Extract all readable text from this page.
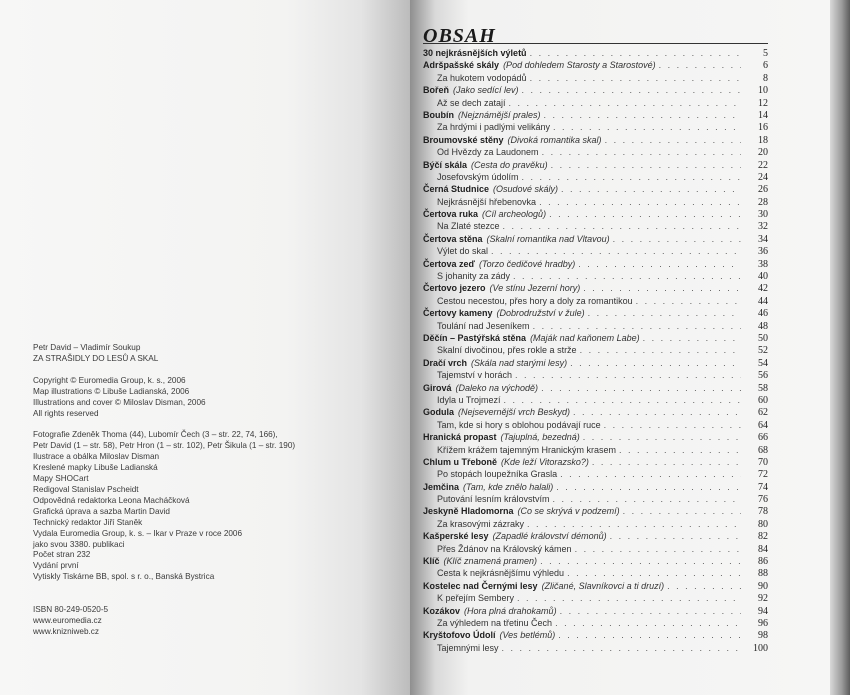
Petr David – Vladimír Soukup
ZA STRAŠIDLY DO LESŮ A SKAL
Copyright © Euromedia Group, k. s., 2006
Map illustrations © Libuše Ladianská, 2006
Illustrations and cover © Miloslav Disman, 2006
All rights reserved
Fotografie Zdeněk Thoma (44), Lubomír Čech (3 – str. 22, 74, 166),
Petr David (1 – str. 58), Petr Hron (1 – str. 102), Petr Šikula (1 – str. 190)
Ilustrace a obálka Miloslav Disman
Kreslené mapky Libuše Ladianská
Mapy SHOCart
Redigoval Stanislav Pscheidt
Odpovědná redaktorka Leona Macháčková
Grafická úprava a sazba Martin David
Technický redaktor Jiří Staněk
Vydala Euromedia Group, k. s. – Ikar v Praze v roce 2006
jako svou 3380. publikaci
Počet stran 232
Vydání první
Vytiskly Tiskárne BB, spol. s r. o., Banská Bystrica
ISBN 80-249-0520-5
www.euromedia.cz
www.knizniweb.cz
OBSAH
30 nejkrásnějších výletů . . .	5
Adršpašské skály (Pod dohledem Starosty a Starostové) . . .	6
Za hukotem vodopádů . . .	8
Bořeň (Jako sedící lev) . . .	10
Až se dech zatají . . .	12
Boubín (Nejznámější prales) . . .	14
Za hrdými i padlými velikány . . .	16
Broumovské stěny (Divoká romantika skal) . . .	18
Od Hvězdy za Laudonem . . .	20
Býčí skála (Cesta do pravěku) . . .	22
Josefovským údolím . . .	24
Černá Studnice (Osudové skály) . . .	26
Nejkrásnější hřebenovka . . .	28
Čertova ruka (Cíl archeologů) . . .	30
Na Zlaté stezce . . .	32
Čertova stěna (Skalní romantika nad Vltavou) . . .	34
Výlet do skal . . .	36
Čertova zeď (Torzo čedičové hradby) . . .	38
S johanity za zády . . .	40
Čertovo jezero (Ve stínu Jezerní hory) . . .	42
Cestou necestou, přes hory a doly za romantikou . . .	44
Čertovy kameny (Dobrodružství v žule) . . .	46
Toulání nad Jeseníkem . . .	48
Děčín – Pastýřská stěna (Maják nad kaňonem Labe) . . .	50
Skalní divočinou, přes rokle a strže . . .	52
Dračí vrch (Skála nad starými lesy) . . .	54
Tajemství v horách . . .	56
Girová (Daleko na východě) . . .	58
Idyla u Trojmezí . . .	60
Godula (Nejsevernější vrch Beskyd) . . .	62
Tam, kde si hory s oblohou podávají ruce . . .	64
Hranická propast (Tajuplná, bezedná) . . .	66
Křížem krážem tajemným Hranickým krasem . . .	68
Chlum u Třeboně (Kde leží Vitorazsko?) . . .	70
Po stopách loupežníka Grasla . . .	72
Jemčina (Tam, kde znělo halali) . . .	74
Putování lesním královstvím . . .	76
Jeskyně Hladomorna (Co se skrývá v podzemí) . . .	78
Za krasovými zázraky . . .	80
Kašperské lesy (Zapadlé království démonů) . . .	82
Přes Ždánov na Královský kámen . . .	84
Klíč (Klíč znamená pramen) . . .	86
Cesta k nejkrásnějšímu výhledu . . .	88
Kostelec nad Černými lesy (Zličané, Slavníkovci a ti druzí) . . .	90
K peřejím Sembery . . .	92
Kozákov (Hora plná drahokamů) . . .	94
Za výhledem na třetinu Čech . . .	96
Kryštofovo Údolí (Ves betlémů) . . .	98
Tajemnými lesy . . .	100
